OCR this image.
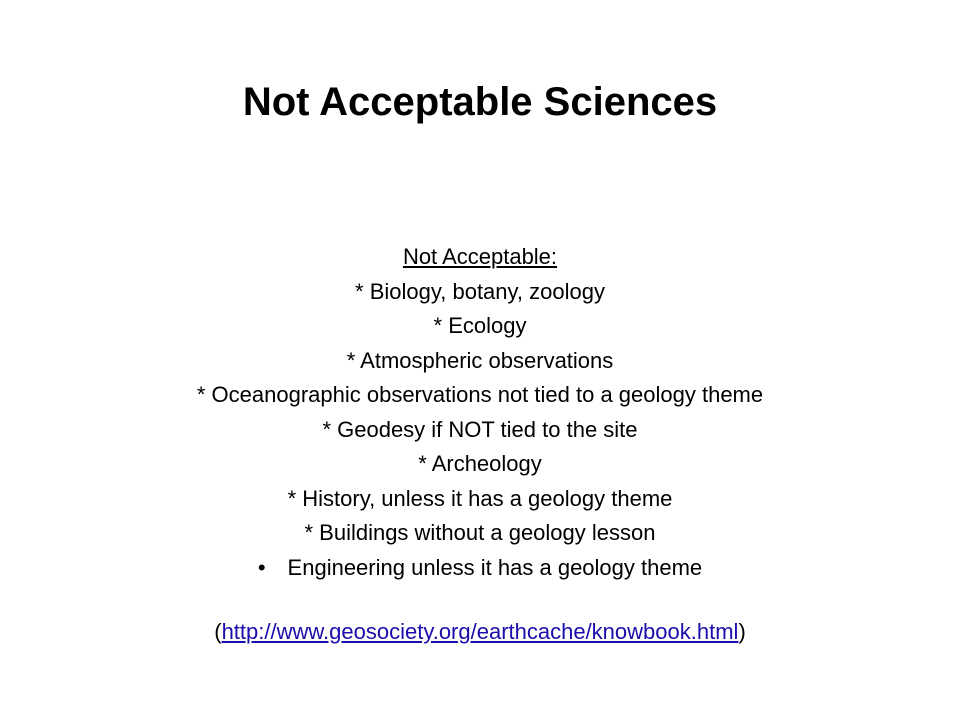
Not Acceptable Sciences
Not Acceptable:
* Biology, botany, zoology
* Ecology
* Atmospheric observations
* Oceanographic observations not tied to a geology theme
* Geodesy if NOT tied to the site
* Archeology
* History, unless it has a geology theme
* Buildings without a geology lesson
• Engineering unless it has a geology theme
(http://www.geosociety.org/earthcache/knowbook.html)
